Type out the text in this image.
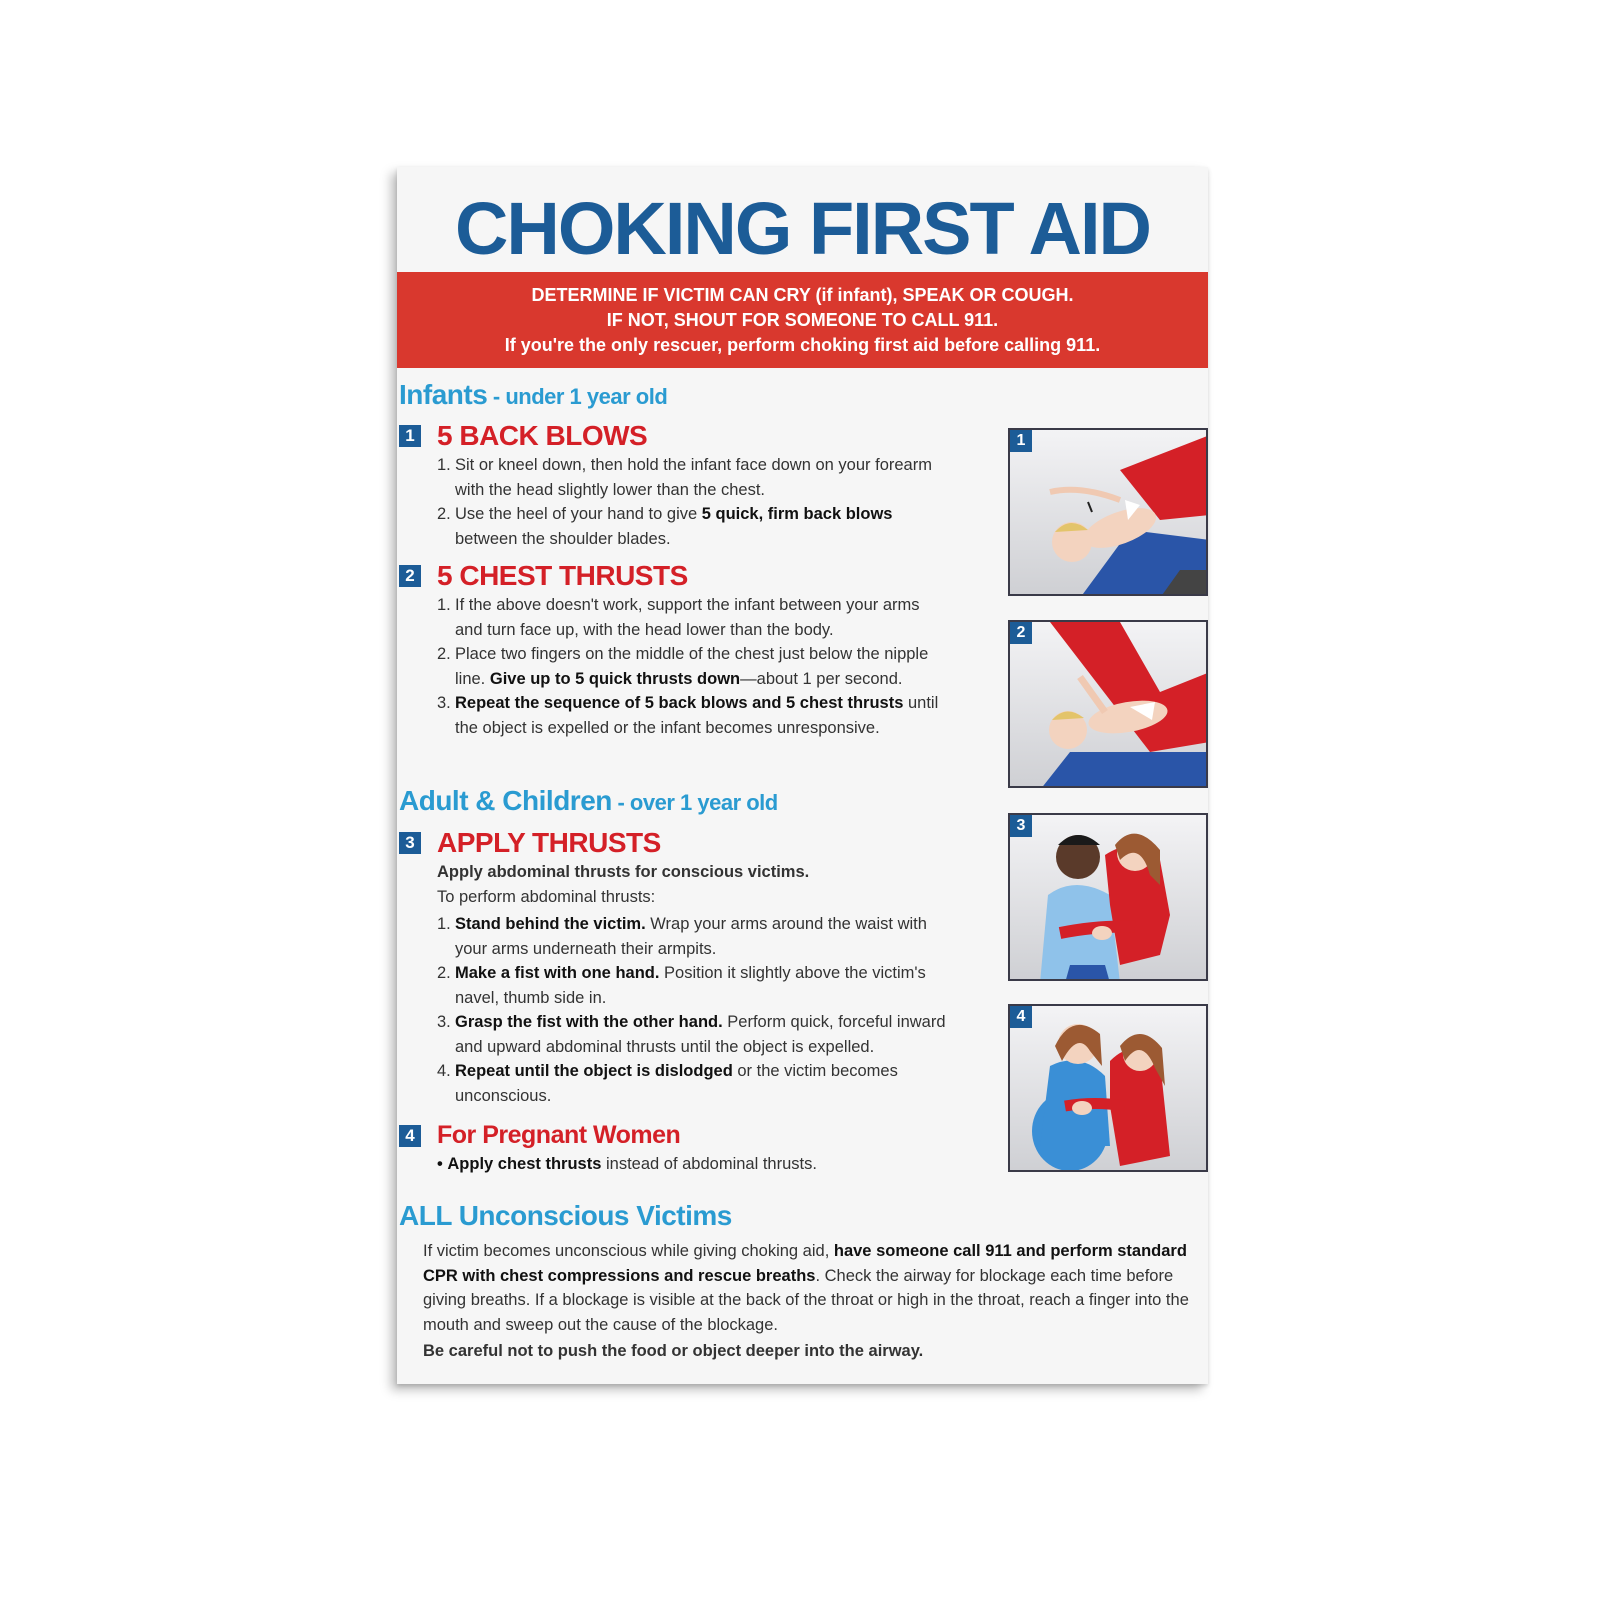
CHOKING FIRST AID
DETERMINE IF VICTIM CAN CRY (if infant), SPEAK OR COUGH.
IF NOT, SHOUT FOR SOMEONE TO CALL 911.
If you're the only rescuer, perform choking first aid before calling 911.
Infants - under 1 year old
1 5 BACK BLOWS
1. Sit or kneel down, then hold the infant face down on your forearm with the head slightly lower than the chest.
2. Use the heel of your hand to give 5 quick, firm back blows between the shoulder blades.
2 5 CHEST THRUSTS
1. If the above doesn't work, support the infant between your arms and turn face up, with the head lower than the body.
2. Place two fingers on the middle of the chest just below the nipple line. Give up to 5 quick thrusts down—about 1 per second.
3. Repeat the sequence of 5 back blows and 5 chest thrusts until the object is expelled or the infant becomes unresponsive.
Adult & Children - over 1 year old
3 APPLY THRUSTS
Apply abdominal thrusts for conscious victims.
To perform abdominal thrusts:
1. Stand behind the victim. Wrap your arms around the waist with your arms underneath their armpits.
2. Make a fist with one hand. Position it slightly above the victim's navel, thumb side in.
3. Grasp the fist with the other hand. Perform quick, forceful inward and upward abdominal thrusts until the object is expelled.
4. Repeat until the object is dislodged or the victim becomes unconscious.
4 For Pregnant Women
• Apply chest thrusts instead of abdominal thrusts.
ALL Unconscious Victims
If victim becomes unconscious while giving choking aid, have someone call 911 and perform standard CPR with chest compressions and rescue breaths. Check the airway for blockage each time before giving breaths. If a blockage is visible at the back of the throat or high in the throat, reach a finger into the mouth and sweep out the cause of the blockage.
Be careful not to push the food or object deeper into the airway.
1
2
3
4
